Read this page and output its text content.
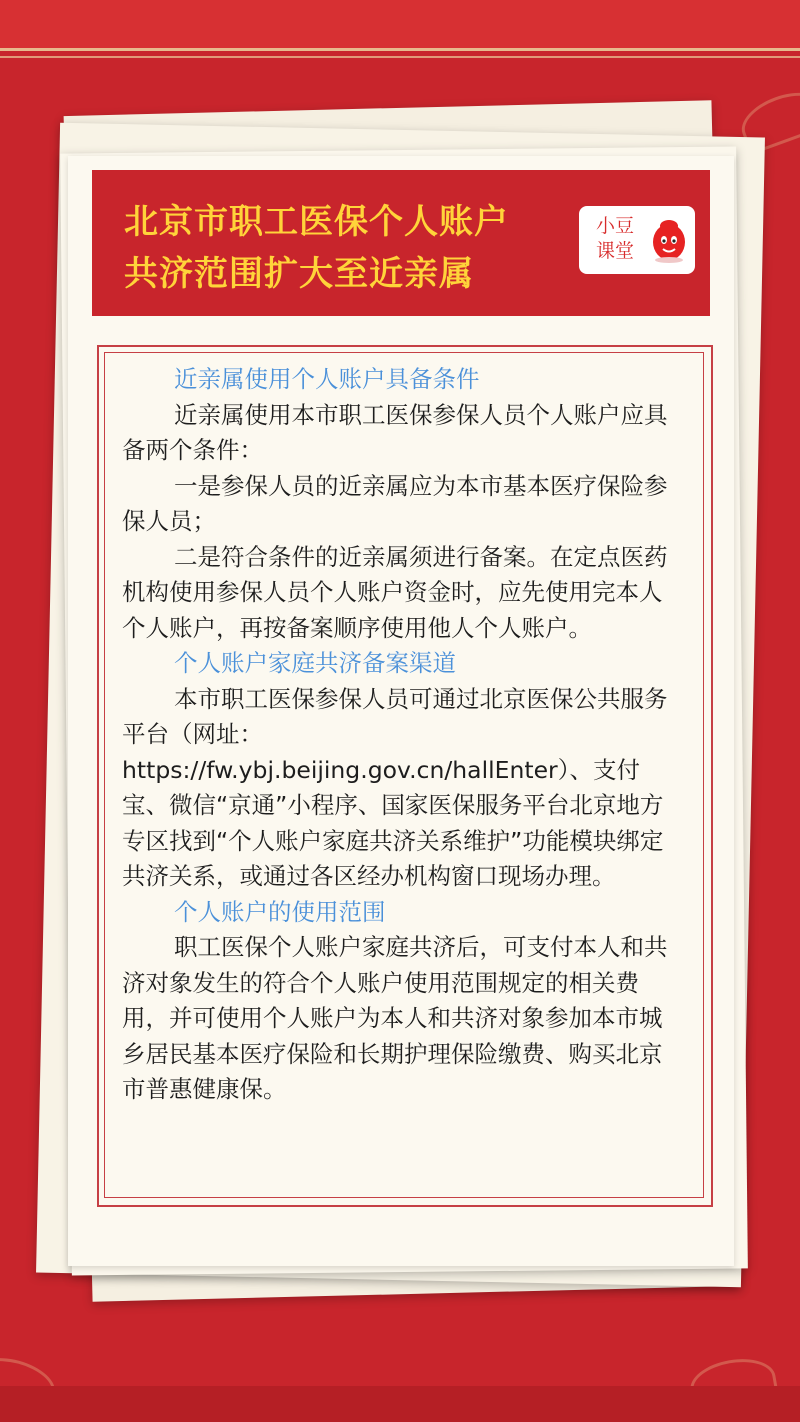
北京市职工医保个人账户
共济范围扩大至近亲属
小豆
课堂

近亲属使用个人账户具备条件

近亲属使用本市职工医保参保人员个人账户应具备两个条件：

一是参保人员的近亲属应为本市基本医疗保险参保人员；

二是符合条件的近亲属须进行备案。在定点医药机构使用参保人员个人账户资金时，应先使用完本人个人账户，再按备案顺序使用他人个人账户。

个人账户家庭共济备案渠道

本市职工医保参保人员可通过北京医保公共服务平台（网址：

https://fw.ybj.beijing.gov.cn/hallEnter）、支付宝、微信“京通”小程序、国家医保服务平台北京地方专区找到“个人账户家庭共济关系维护”功能模块绑定共济关系，或通过各区经办机构窗口现场办理。

个人账户的使用范围

职工医保个人账户家庭共济后，可支付本人和共济对象发生的符合个人账户使用范围规定的相关费用，并可使用个人账户为本人和共济对象参加本市城乡居民基本医疗保险和长期护理保险缴费、购买北京市普惠健康保。
